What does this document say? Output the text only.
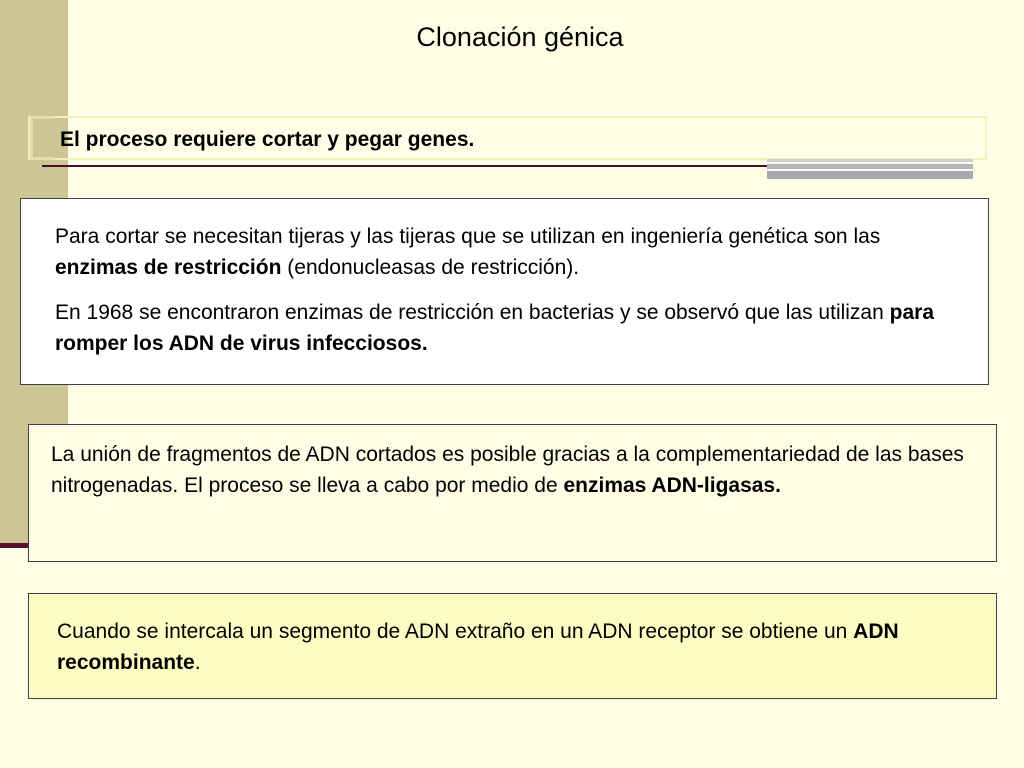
Clonación génica
El proceso requiere cortar y pegar genes.

Para cortar se necesitan tijeras y las tijeras que se utilizan en ingeniería genética son las enzimas de restricción (endonucleasas de restricción).

En 1968 se encontraron enzimas de restricción en bacterias y se observó que las utilizan para romper los ADN de virus infecciosos.

La unión de fragmentos de ADN cortados es posible gracias a la complementariedad de las bases nitrogenadas. El proceso se lleva a cabo por medio de enzimas ADN-ligasas.

Cuando se intercala un segmento de ADN extraño en un ADN receptor se obtiene un ADN recombinante.
